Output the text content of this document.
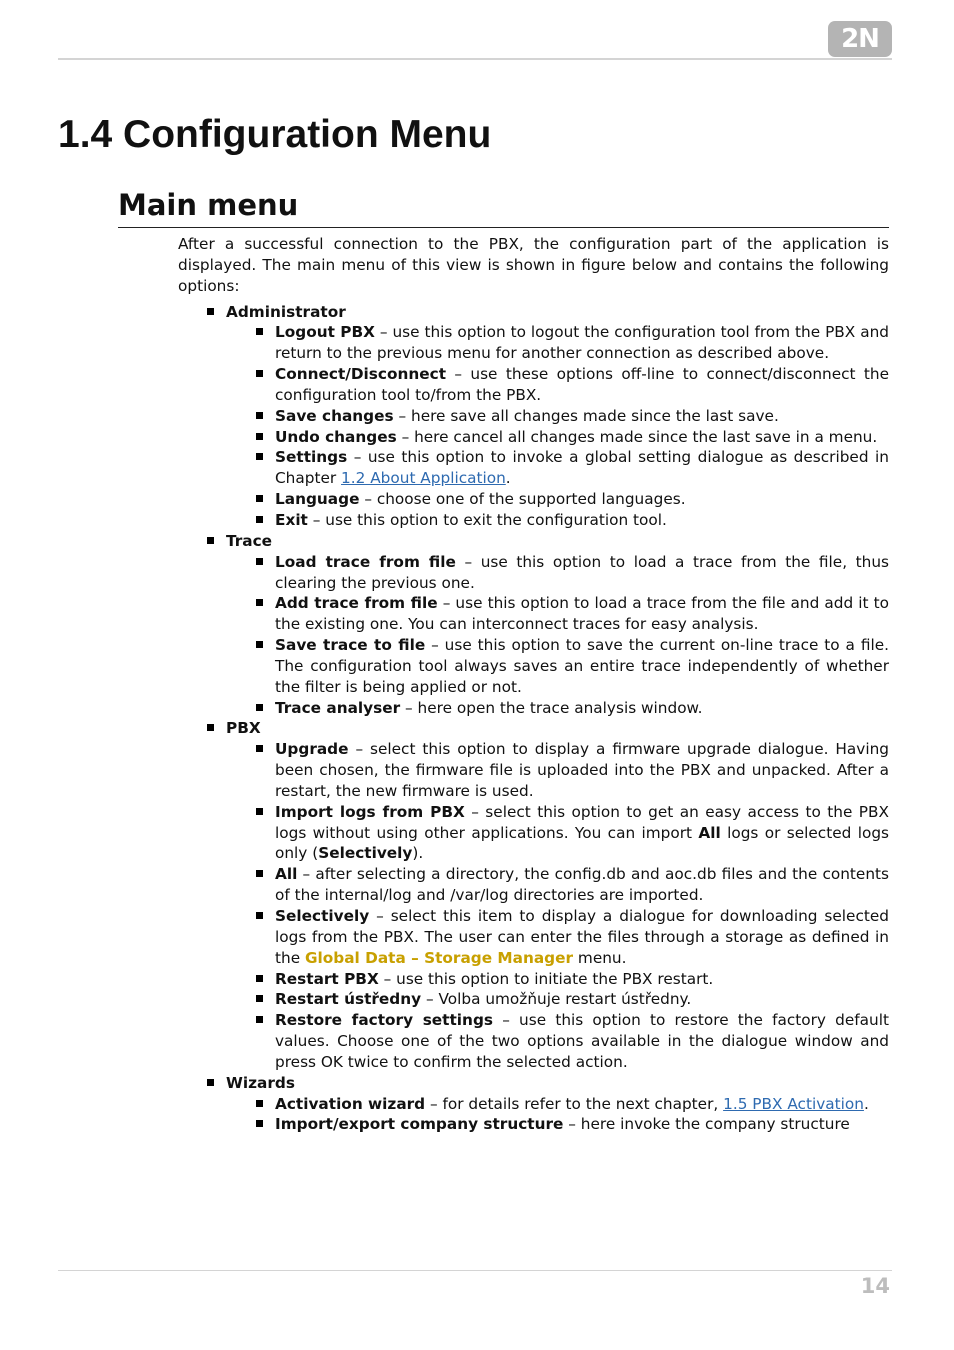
2N
1.4 Configuration Menu
Main menu

After a successful connection to the PBX, the configuration part of the application is displayed. The main menu of this view is shown in figure below and contains the following options:

Administrator
Logout PBX – use this option to logout the configuration tool from the PBX and return to the previous menu for another connection as described above.
Connect/Disconnect – use these options off-line to connect/disconnect the configuration tool to/from the PBX.
Save changes – here save all changes made since the last save.
Undo changes – here cancel all changes made since the last save in a menu.
Settings – use this option to invoke a global setting dialogue as described in Chapter 1.2 About Application.
Language – choose one of the supported languages.
Exit – use this option to exit the configuration tool.
Trace
Load trace from file – use this option to load a trace from the file, thus clearing the previous one.
Add trace from file – use this option to load a trace from the file and add it to the existing one. You can interconnect traces for easy analysis.
Save trace to file – use this option to save the current on-line trace to a file. The configuration tool always saves an entire trace independently of whether the filter is being applied or not.
Trace analyser – here open the trace analysis window.
PBX
Upgrade – select this option to display a firmware upgrade dialogue. Having been chosen, the firmware file is uploaded into the PBX and unpacked. After a restart, the new firmware is used.
Import logs from PBX – select this option to get an easy access to the PBX logs without using other applications. You can import All logs or selected logs only (Selectively).
All – after selecting a directory, the config.db and aoc.db files and the contents of the internal/log and /var/log directories are imported.
Selectively – select this item to display a dialogue for downloading selected logs from the PBX. The user can enter the files through a storage as defined in the Global Data – Storage Manager menu.
Restart PBX – use this option to initiate the PBX restart.
Restart ústředny – Volba umožňuje restart ústředny.
Restore factory settings – use this option to restore the factory default values. Choose one of the two options available in the dialogue window and press OK twice to confirm the selected action.
Wizards
Activation wizard – for details refer to the next chapter, 1.5 PBX Activation.
Import/export company structure – here invoke the company structure
14
